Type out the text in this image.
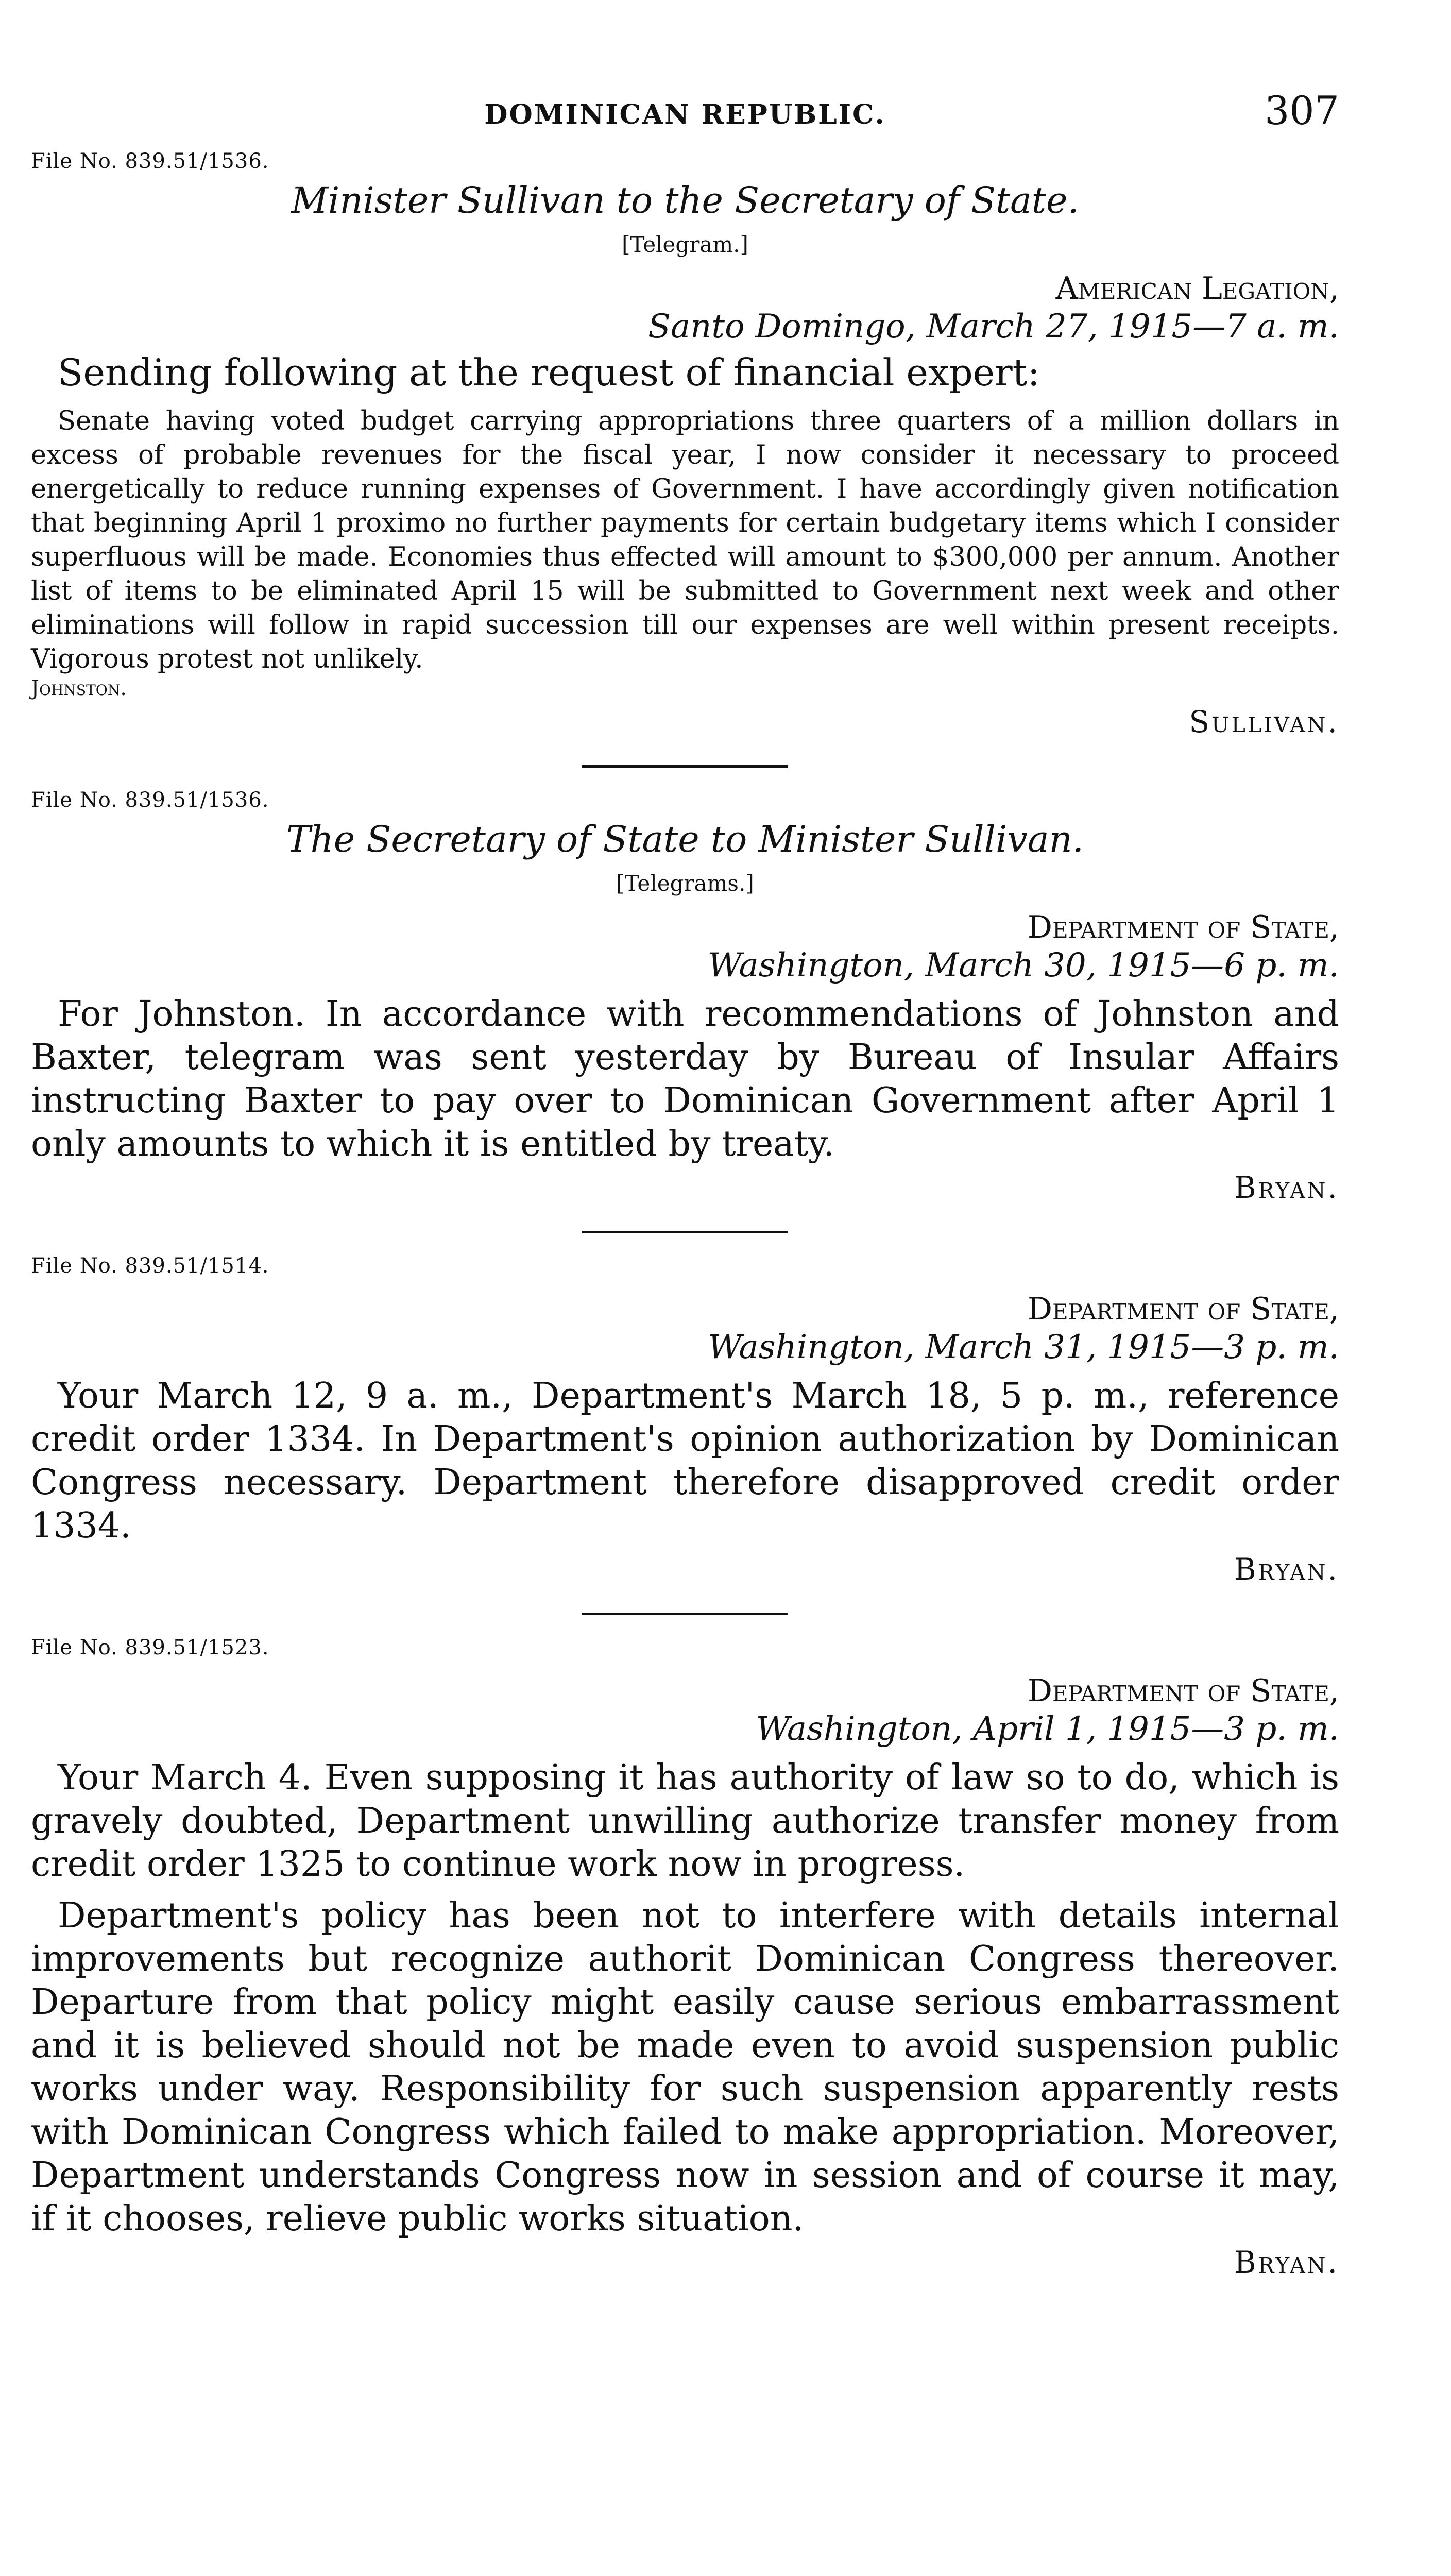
DOMINICAN REPUBLIC.	307

File No. 839.51/1536.

Minister Sullivan to the Secretary of State.

[Telegram.]

American Legation,

Santo Domingo, March 27, 1915—7 a. m.

Sending following at the request of financial expert:

Senate having voted budget carrying appropriations three quarters of a million dollars in excess of probable revenues for the fiscal year, I now consider it necessary to proceed energetically to reduce running expenses of Government. I have accordingly given notification that beginning April 1 proximo no further payments for certain budgetary items which I consider superfluous will be made. Economies thus effected will amount to $300,000 per annum. Another list of items to be eliminated April 15 will be submitted to Government next week and other eliminations will follow in rapid succession till our expenses are well within present receipts. Vigorous protest not unlikely.

Johnston.

Sullivan.

File No. 839.51/1536.

The Secretary of State to Minister Sullivan.

[Telegrams.]

Department of State,

Washington, March 30, 1915—6 p. m.

For Johnston. In accordance with recommendations of Johnston and Baxter, telegram was sent yesterday by Bureau of Insular Affairs instructing Baxter to pay over to Dominican Government after April 1 only amounts to which it is entitled by treaty.

Bryan.

File No. 839.51/1514.

Department of State,

Washington, March 31, 1915—3 p. m.

Your March 12, 9 a. m., Department's March 18, 5 p. m., reference credit order 1334. In Department's opinion authorization by Dominican Congress necessary. Department therefore disapproved credit order 1334.

Bryan.

File No. 839.51/1523.

Department of State,

Washington, April 1, 1915—3 p. m.

Your March 4. Even supposing it has authority of law so to do, which is gravely doubted, Department unwilling authorize transfer money from credit order 1325 to continue work now in progress.

Department's policy has been not to interfere with details internal improvements but recognize authorit Dominican Congress thereover. Departure from that policy might easily cause serious embarrassment and it is believed should not be made even to avoid suspension public works under way. Responsibility for such suspension apparently rests with Dominican Congress which failed to make appropriation. Moreover, Department understands Congress now in session and of course it may, if it chooses, relieve public works situation.

Bryan.
